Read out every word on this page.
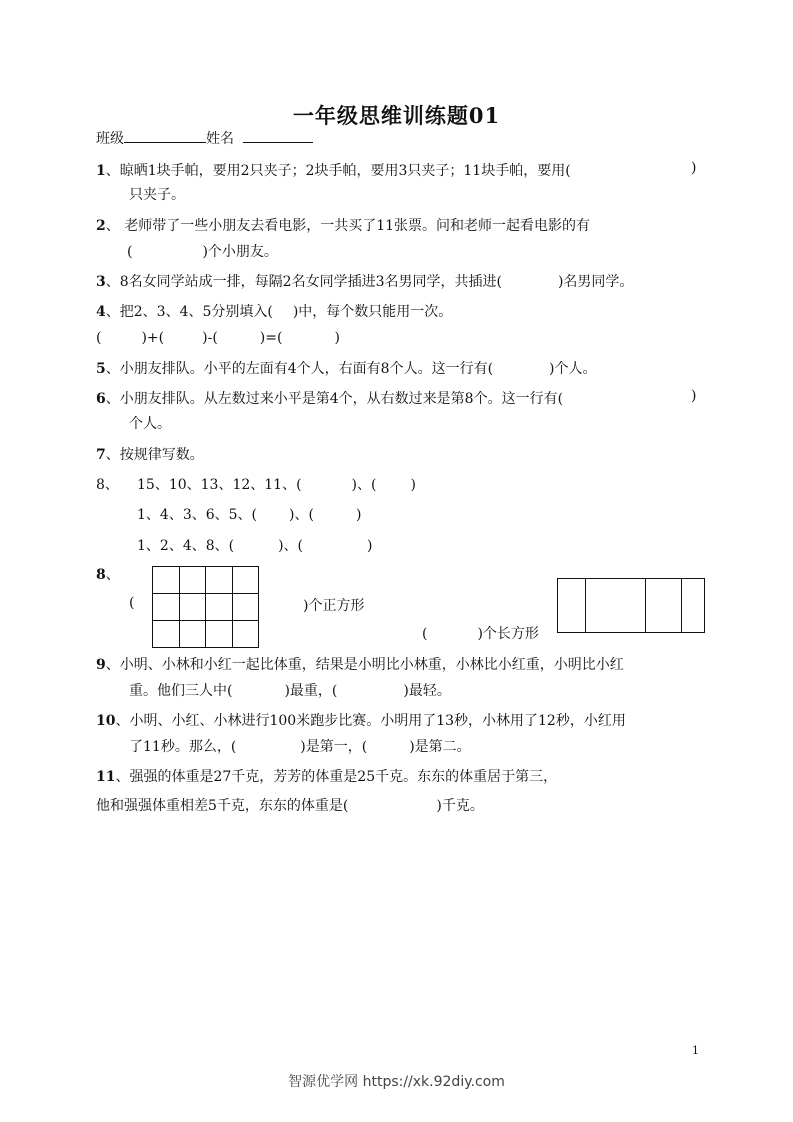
一年级思维训练题01
班级	姓名
1、晾晒1块手帕，要用2只夹子；2块手帕，要用3只夹子；11块手帕，要用(	)
只夹子。
2、 老师带了一些小朋友去看电影，一共买了11张票。问和老师一起看电影的有
(	)个小朋友。
3、8名女同学站成一排，每隔2名女同学插进3名男同学，共插进(	)名男同学。
4、把2、3、4、5分别填入( )中，每个数只能用一次。
(	)+(	)-(	)=(	)
5、小朋友排队。小平的左面有4个人，右面有8个人。这一行有(	)个人。
6、小朋友排队。从左数过来小平是第4个，从右数过来是第8个。这一行有(	)
个人。
7、按规律写数。
8、 15、10、13、12、11、(	)、( )
1、4、3、6、5、( )、(	)
1、2、4、8、(	)、(	)
8、

(	)个正方形
(	)个长方形
9、小明、小林和小红一起比体重，结果是小明比小林重，小林比小红重，小明比小红
重。他们三人中(	)最重，(	)最轻。
10、小明、小红、小林进行100米跑步比赛。小明用了13秒，小林用了12秒，小红用
了11秒。那么，(	)是第一，(	)是第二。
11、强强的体重是27千克，芳芳的体重是25千克。东东的体重居于第三，
他和强强体重相差5千克，东东的体重是(	)千克。
1
智源优学网 https://xk.92diy.com
